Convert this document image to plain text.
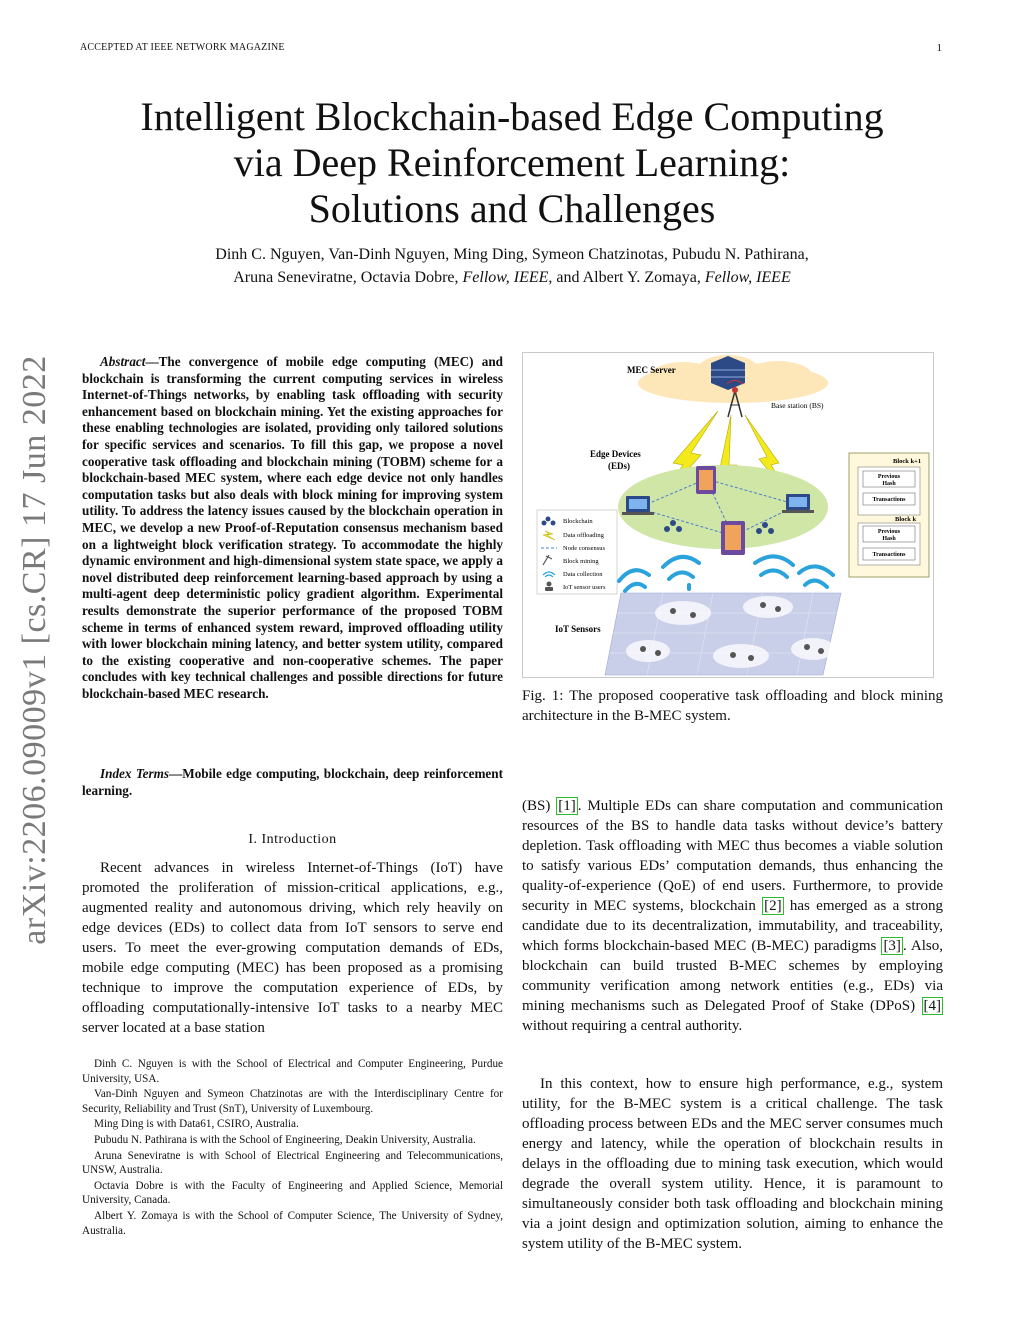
ACCEPTED AT IEEE NETWORK MAGAZINE	1
Intelligent Blockchain-based Edge Computing
via Deep Reinforcement Learning:
Solutions and Challenges
Dinh C. Nguyen, Van-Dinh Nguyen, Ming Ding, Symeon Chatzinotas, Pubudu N. Pathirana,
Aruna Seneviratne, Octavia Dobre, Fellow, IEEE, and Albert Y. Zomaya, Fellow, IEEE
arXiv:2206.09009v1 [cs.CR] 17 Jun 2022	Abstract—The convergence of mobile edge computing (MEC) and blockchain is transforming the current computing services in wireless Internet-of-Things networks, by enabling task offloading with security enhancement based on blockchain mining. Yet the existing approaches for these enabling technologies are isolated, providing only tailored solutions for specific services and scenarios. To fill this gap, we propose a novel cooperative task offloading and blockchain mining (TOBM) scheme for a blockchain-based MEC system, where each edge device not only handles computation tasks but also deals with block mining for improving system utility. To address the latency issues caused by the blockchain operation in MEC, we develop a new Proof-of-Reputation consensus mechanism based on a lightweight block verification strategy. To accommodate the highly dynamic environment and high-dimensional system state space, we apply a novel distributed deep reinforcement learning-based approach by using a multi-agent deep deterministic policy gradient algorithm. Experimental results demonstrate the superior performance of the proposed TOBM scheme in terms of enhanced system reward, improved offloading utility with lower blockchain mining latency, and better system utility, compared to the existing cooperative and non-cooperative schemes. The paper concludes with key technical challenges and possible directions for future blockchain-based MEC research.
Index Terms—Mobile edge computing, blockchain, deep reinforcement learning.
I. Introduction

Recent advances in wireless Internet-of-Things (IoT) have promoted the proliferation of mission-critical applications, e.g., augmented reality and autonomous driving, which rely heavily on edge devices (EDs) to collect data from IoT sensors to serve end users. To meet the ever-growing computation demands of EDs, mobile edge computing (MEC) has been proposed as a promising technique to improve the computation experience of EDs, by offloading computationally-intensive IoT tasks to a nearby MEC server located at a base station

Dinh C. Nguyen is with the School of Electrical and Computer Engineering, Purdue University, USA.

Van-Dinh Nguyen and Symeon Chatzinotas are with the Interdisciplinary Centre for Security, Reliability and Trust (SnT), University of Luxembourg.

Ming Ding is with Data61, CSIRO, Australia.

Pubudu N. Pathirana is with the School of Engineering, Deakin University, Australia.

Aruna Seneviratne is with School of Electrical Engineering and Telecommunications, UNSW, Australia.

Octavia Dobre is with the Faculty of Engineering and Applied Science, Memorial University, Canada.

Albert Y. Zomaya is with the School of Computer Science, The University of Sydney, Australia.

MEC Server
Base station (BS)
Edge Devices
(EDs)
Blockchain
Data offloading
Node consensus
Block mining
Data collection
IoT sensor users
Block k+1
Previous
Hash
Transactions
Block k
Previous
Hash
Transactions
IoT Sensors

Fig. 1: The proposed cooperative task offloading and block mining architecture in the B-MEC system.

(BS) [1] . Multiple EDs can share computation and communication resources of the BS to handle data tasks without device’s battery depletion. Task offloading with MEC thus becomes a viable solution to satisfy various EDs’ computation demands, thus enhancing the quality-of-experience (QoE) of end users. Furthermore, to provide security in MEC systems, blockchain [2] has emerged as a strong candidate due to its decentralization, immutability, and traceability, which forms blockchain-based MEC (B-MEC) paradigms [3] . Also, blockchain can build trusted B-MEC schemes by employing community verification among network entities (e.g., EDs) via mining mechanisms such as Delegated Proof of Stake (DPoS) [4] without requiring a central authority.

In this context, how to ensure high performance, e.g., system utility, for the B-MEC system is a critical challenge. The task offloading process between EDs and the MEC server consumes much energy and latency, while the operation of blockchain results in delays in the offloading due to mining task execution, which would degrade the overall system utility. Hence, it is paramount to simultaneously consider both task offloading and blockchain mining via a joint design and optimization solution, aiming to enhance the system utility of the B-MEC system.
